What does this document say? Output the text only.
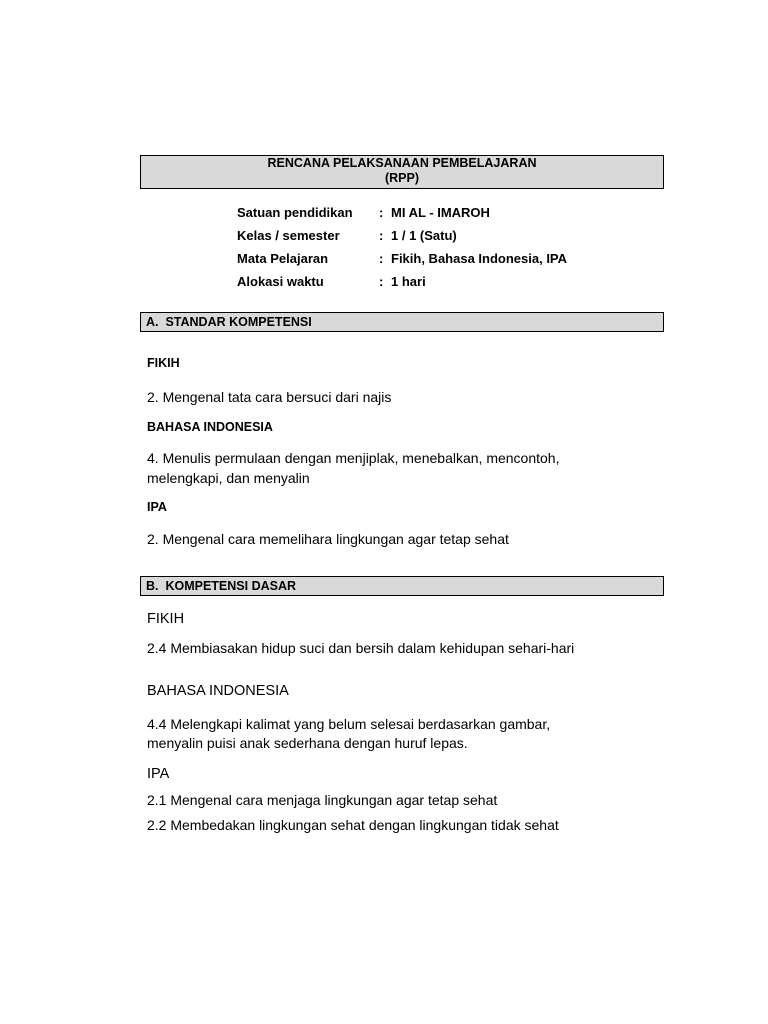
RENCANA PELAKSANAAN PEMBELAJARAN
(RPP)
Satuan pendidikan : MI AL - IMAROH
Kelas / semester	: 1 / 1 (Satu)
Mata Pelajaran	: Fikih, Bahasa Indonesia, IPA
Alokasi waktu	: 1 hari
A.  STANDAR KOMPETENSI
FIKIH
2. Mengenal tata cara bersuci dari najis
BAHASA INDONESIA
4. Menulis permulaan dengan menjiplak, menebalkan, mencontoh,
melengkapi, dan menyalin
IPA
2. Mengenal cara memelihara lingkungan agar tetap sehat
B.  KOMPETENSI DASAR
FIKIH
2.4 Membiasakan hidup suci dan bersih dalam kehidupan sehari-hari
BAHASA INDONESIA
4.4 Melengkapi kalimat yang belum selesai berdasarkan gambar,
menyalin puisi anak sederhana dengan huruf lepas.
IPA
2.1 Mengenal cara menjaga lingkungan agar tetap sehat
2.2 Membedakan lingkungan sehat dengan lingkungan tidak sehat
